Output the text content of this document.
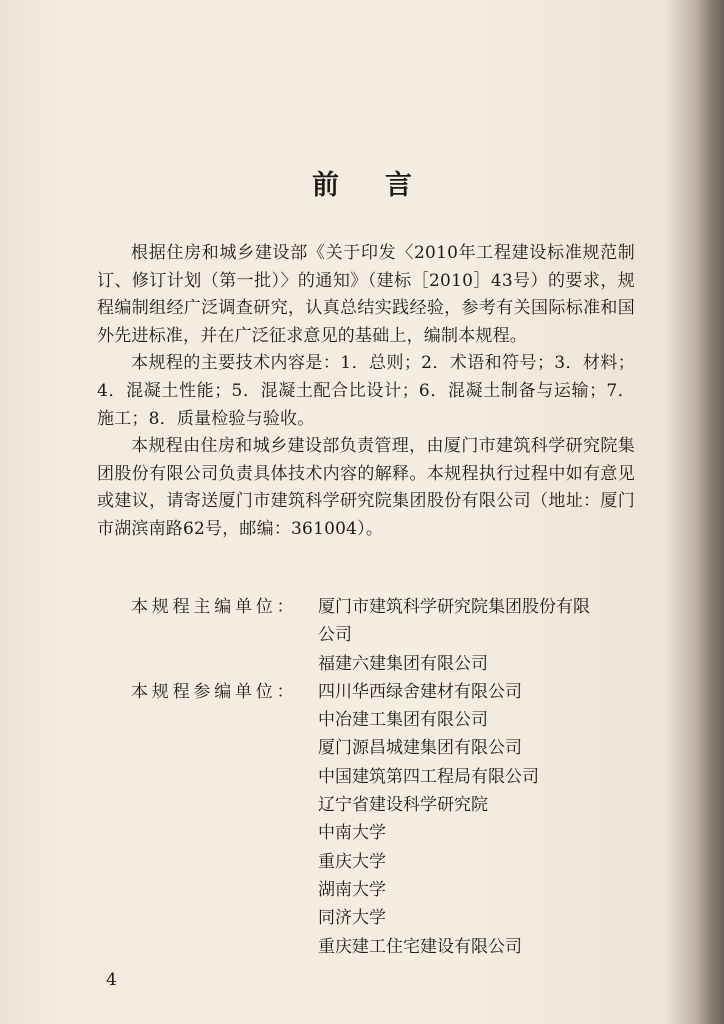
前言

根据住房和城乡建设部《关于印发〈2010年工程建设标准规范制订、修订计划（第一批）〉的通知》（建标［2010］43号）的要求，规程编制组经广泛调查研究，认真总结实践经验，参考有关国际标准和国外先进标准，并在广泛征求意见的基础上，编制本规程。

本规程的主要技术内容是：1．总则；2．术语和符号；3．材料；4．混凝土性能；5．混凝土配合比设计；6．混凝土制备与运输；7．施工；8．质量检验与验收。

本规程由住房和城乡建设部负责管理，由厦门市建筑科学研究院集团股份有限公司负责具体技术内容的解释。本规程执行过程中如有意见或建议，请寄送厦门市建筑科学研究院集团股份有限公司（地址：厦门市湖滨南路62号，邮编：361004）。

本规程主编单位：	厦门市建筑科学研究院集团股份有限
公司
福建六建集团有限公司
本规程参编单位：	四川华西绿舍建材有限公司
中冶建工集团有限公司
厦门源昌城建集团有限公司
中国建筑第四工程局有限公司
辽宁省建设科学研究院
中南大学
重庆大学
湖南大学
同济大学
重庆建工住宅建设有限公司
4
